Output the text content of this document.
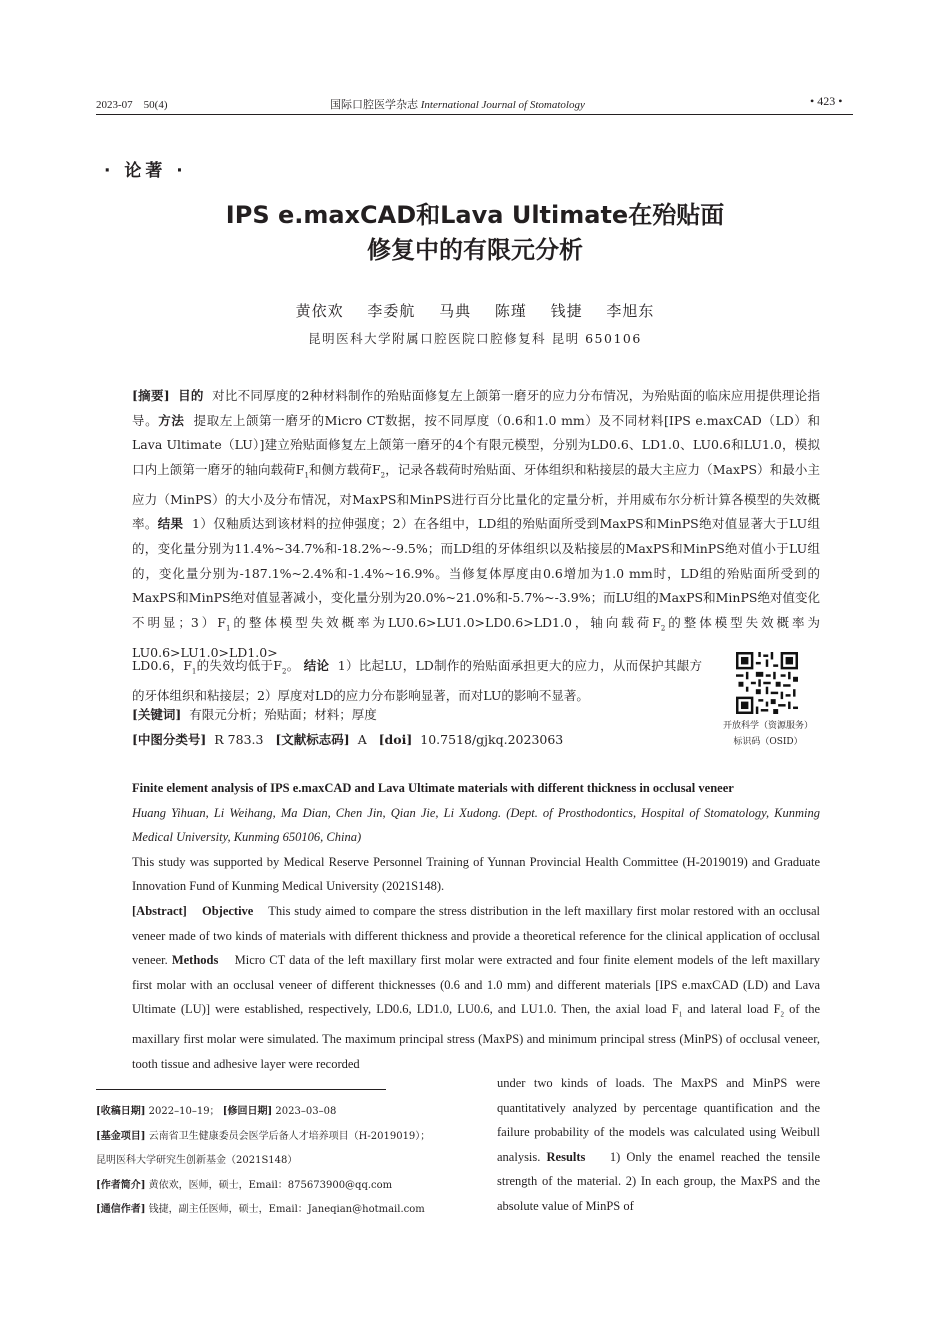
2023-07　50(4)	国际口腔医学杂志 International Journal of Stomatology	• 423 •
· 论著 ·
IPS e.maxCAD和Lava Ultimate在殆贴面
修复中的有限元分析
黄依欢 李委航 马典 陈瑾 钱捷 李旭东
昆明医科大学附属口腔医院口腔修复科 昆明 650106
[摘要] 目的 对比不同厚度的2种材料制作的殆贴面修复左上颌第一磨牙的应力分布情况，为殆贴面的临床应用提供理论指导。方法 提取左上颌第一磨牙的Micro CT数据，按不同厚度（0.6和1.0 mm）及不同材料[IPS e.maxCAD（LD）和Lava Ultimate（LU）]建立殆贴面修复左上颌第一磨牙的4个有限元模型，分别为LD0.6、LD1.0、LU0.6和LU1.0，模拟口内上颌第一磨牙的轴向载荷$F_1$和侧方载荷$F_2$，记录各载荷时殆贴面、牙体组织和粘接层的最大主应力（MaxPS）和最小主应力（MinPS）的大小及分布情况，对MaxPS和MinPS进行百分比量化的定量分析，并用威布尔分析计算各模型的失效概率。结果 1）仅釉质达到该材料的拉伸强度；2）在各组中，LD组的殆贴面所受到MaxPS和MinPS绝对值显著大于LU组的，变化量分别为11.4%~34.7%和-18.2%~-9.5%；而LD组的牙体组织以及粘接层的MaxPS和MinPS绝对值小于LU组的，变化量分别为-187.1%~2.4%和-1.4%~16.9%。当修复体厚度由0.6增加为1.0 mm时，LD组的殆贴面所受到的MaxPS和MinPS绝对值显著减小，变化量分别为20.0%~21.0%和-5.7%~-3.9%；而LU组的MaxPS和MinPS绝对值变化不明显；$3)F_1$的整体模型失效概率为LU0.6>LU1.0>LD0.6>LD1.0，轴向载荷$F_2$的整体模型失效概率为LU0.6>LU1.0>LD1.0>
LD0.6，$F_1$的失效均低于$F_2$。 结论 1）比起LU，LD制作的殆贴面承担更大的应力，从而保护其龈方的牙体组织和粘接层；2）厚度对LD的应力分布影响显著，而对LU的影响不显著。
[关键词] 有限元分析；殆贴面；材料；厚度
[中图分类号] R 783.3 [文献标志码] A [doi] 10.7518/gjkq.2023063
开放科学（资源服务）
标识码（OSID）
Finite element analysis of IPS e.maxCAD and Lava Ultimate materials with different thickness in occlusal veneer
Huang Yihuan, Li Weihang, Ma Dian, Chen Jin, Qian Jie, Li Xudong. (Dept. of Prosthodontics, Hospital of Stomatology, Kunming Medical University, Kunming 650106, China)
This study was supported by Medical Reserve Personnel Training of Yunnan Provincial Health Committee (H-2019019) and Graduate Innovation Fund of Kunming Medical University (2021S148).
[Abstract] Objective This study aimed to compare the stress distribution in the left maxillary first molar restored with an occlusal veneer made of two kinds of materials with different thickness and provide a theoretical reference for the clinical application of occlusal veneer. Methods Micro CT data of the left maxillary first molar were extracted and four finite element models of the left maxillary first molar with an occlusal veneer of different thicknesses (0.6 and 1.0 mm) and different materials [IPS e.maxCAD (LD) and Lava Ultimate (LU)] were established, respectively, LD0.6, LD1.0, LU0.6, and LU1.0. Then, the axial load $F_1$ and lateral load $F_2$ of the maxillary first molar were simulated. The maximum principal stress (MaxPS) and minimum principal stress (MinPS) of occlusal veneer, tooth tissue and adhesive layer were recorded
under two kinds of loads. The MaxPS and MinPS were quantitatively analyzed by percentage quantification and the failure probability of the models was calculated using Weibull analysis. Results 1) Only the enamel reached the tensile strength of the material. 2) In each group, the MaxPS and the absolute value of MinPS of
[收稿日期] 2022–10–19； [修回日期] 2023–03–08
[基金项目] 云南省卫生健康委员会医学后备人才培养项目（H-2019019）；
昆明医科大学研究生创新基金（2021S148）
[作者简介] 黄依欢，医师，硕士，Email：875673900@qq.com
[通信作者] 钱捷，副主任医师，硕士，Email：Janeqian@hotmail.com
